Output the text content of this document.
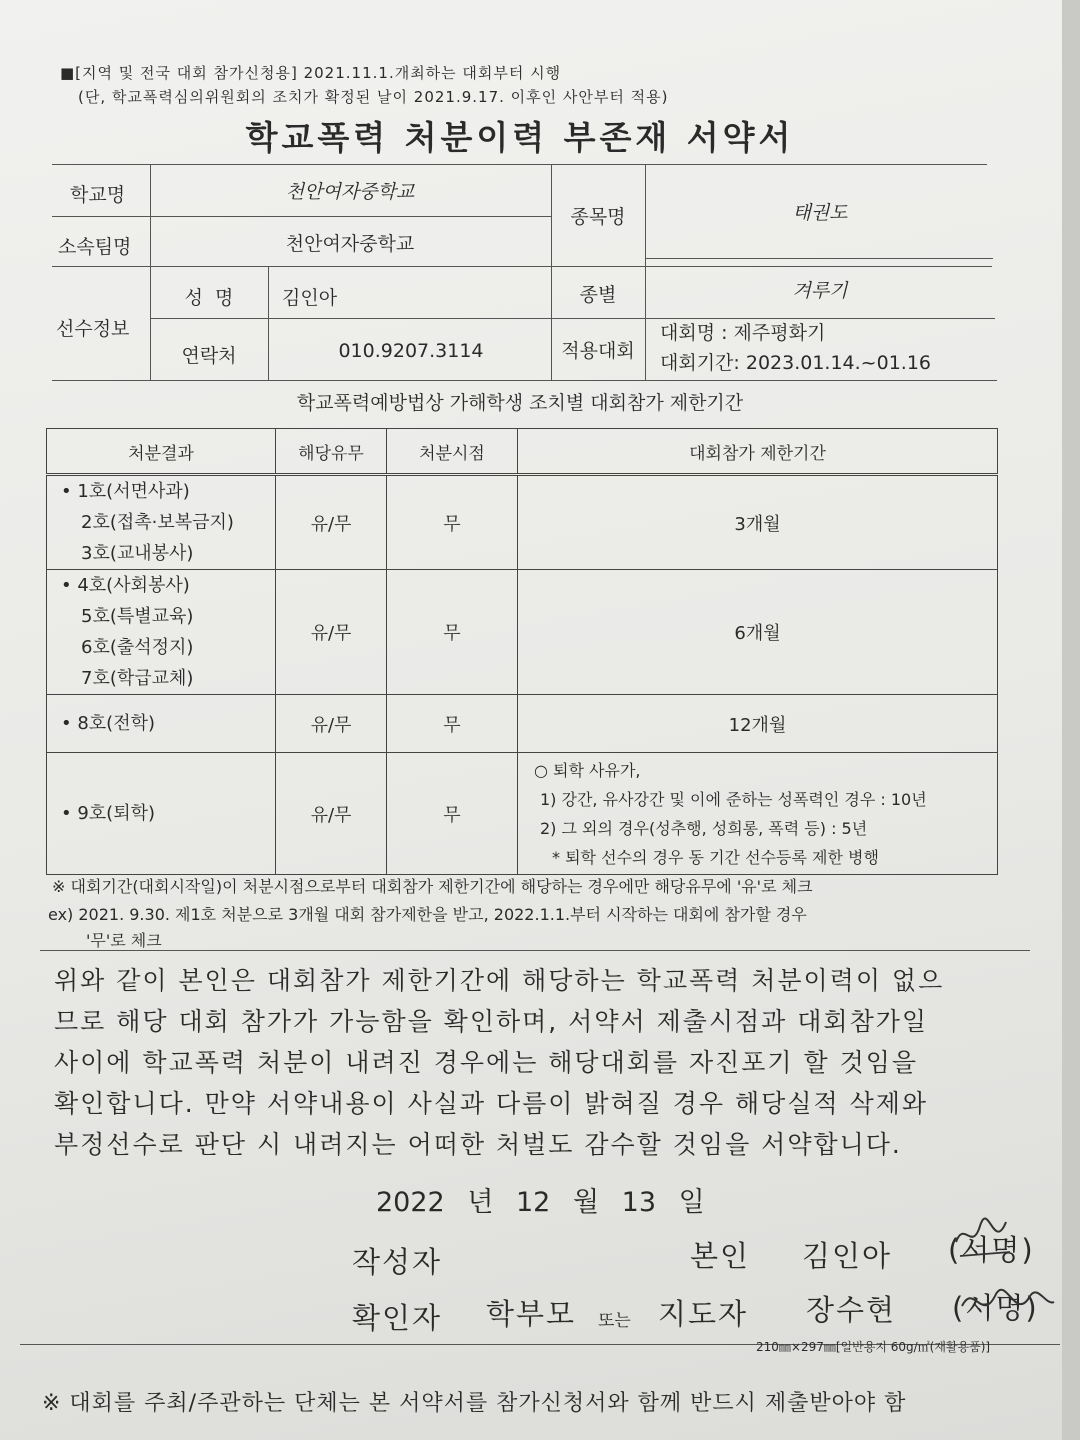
■[지역 및 전국 대회 참가신청용] 2021.11.1.개최하는 대회부터 시행
(단, 학교폭력심의위원회의 조치가 확정된 날이 2021.9.17. 이후인 사안부터 적용)
학교폭력 처분이력 부존재 서약서
학교명	천안여자중학교
소속팀명	천안여자중학교
종목명	태권도
선수정보
성  명	김인아
연락처	010.9207.3114
종별	겨루기
적용대회
대회명 : 제주평화기
대회기간: 2023.01.14.~01.16
학교폭력예방법상 가해학생 조치별 대회참가 제한기간
처분결과	해당유무	처분시점	대회참가 제한기간

• 1호(서면사과)
2호(접촉·보복금지)
3호(교내봉사)	유/무	무	3개월

• 4호(사회봉사)
5호(특별교육)
6호(출석정지)
7호(학급교체)	유/무	무	6개월

• 8호(전학)	유/무	무	12개월

• 9호(퇴학)	유/무	무	○ 퇴학 사유가,
1) 강간, 유사강간 및 이에 준하는 성폭력인 경우 : 10년
2) 그 외의 경우(성추행, 성희롱, 폭력 등) : 5년
* 퇴학 선수의 경우 동 기간 선수등록 제한 병행
※ 대회기간(대회시작일)이 처분시점으로부터 대회참가 제한기간에 해당하는 경우에만 해당유무에 '유'로 체크
ex) 2021. 9.30. 제1호 처분으로 3개월 대회 참가제한을 받고, 2022.1.1.부터 시작하는 대회에 참가할 경우
'무'로 체크
위와 같이 본인은 대회참가 제한기간에 해당하는 학교폭력 처분이력이 없으
므로 해당 대회 참가가 가능함을 확인하며, 서약서 제출시점과 대회참가일
사이에 학교폭력 처분이 내려진 경우에는 해당대회를 자진포기 할 것임을
확인합니다. 만약 서약내용이 사실과 다름이 밝혀질 경우 해당실적 삭제와
부정선수로 판단 시 내려지는 어떠한 처벌도 감수할 것임을 서약합니다.
2022 년 12 월 13 일
작성자	본인 김인아 (서명)
확인자 학부모 또는 지도자 장수현 (서명)
210㎜×297㎜[일반용지 60g/㎡(재활용품)]
※ 대회를 주최/주관하는 단체는 본 서약서를 참가신청서와 함께 반드시 제출받아야 함
